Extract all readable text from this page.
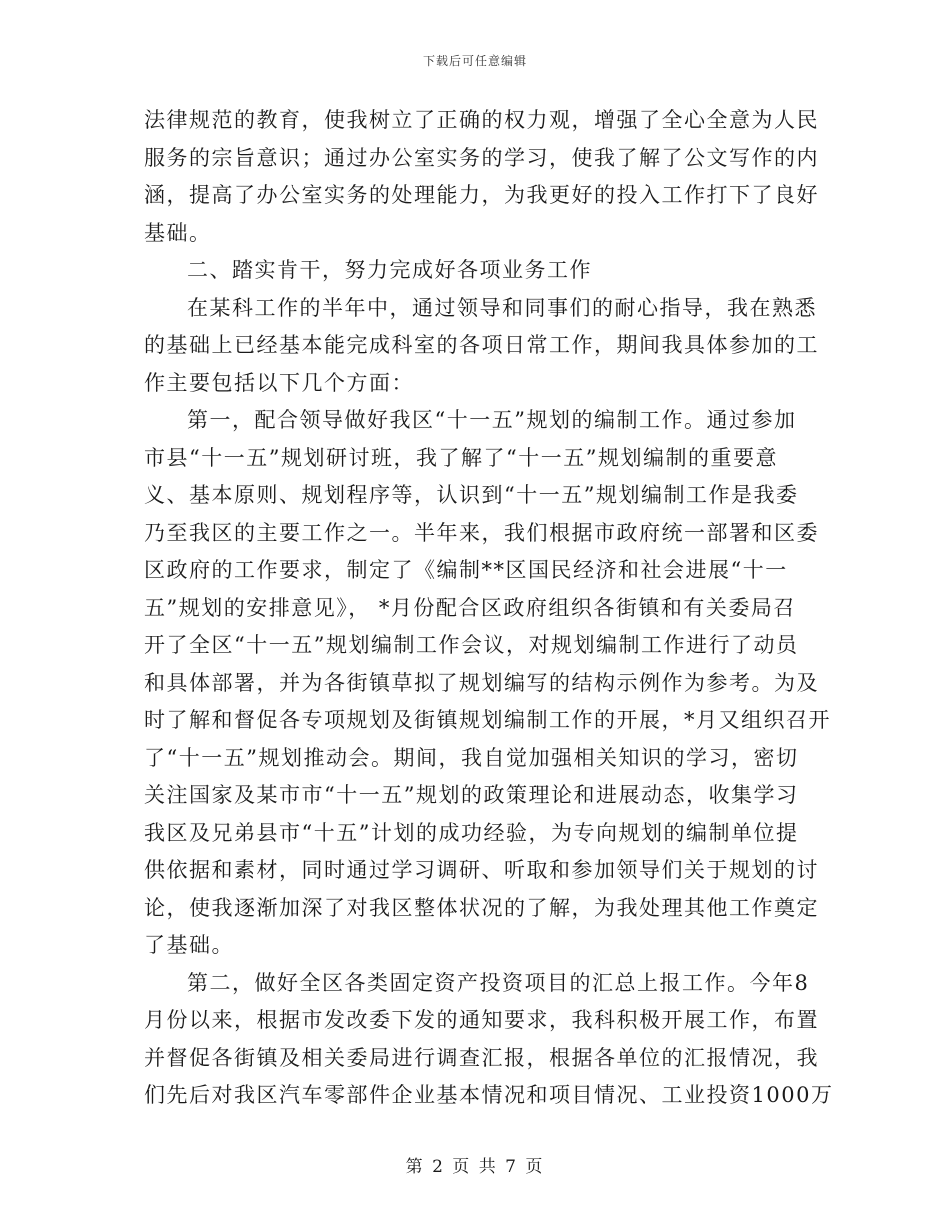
下载后可任意编辑
法律规范的教育，使我树立了正确的权力观，增强了全心全意为人民
服务的宗旨意识；通过办公室实务的学习，使我了解了公文写作的内
涵，提高了办公室实务的处理能力，为我更好的投入工作打下了良好
基础。
二、踏实肯干，努力完成好各项业务工作
在某科工作的半年中，通过领导和同事们的耐心指导，我在熟悉
的基础上已经基本能完成科室的各项日常工作，期间我具体参加的工
作主要包括以下几个方面：
第一，配合领导做好我区“十一五”规划的编制工作。通过参加
市县“十一五”规划研讨班，我了解了“十一五”规划编制的重要意
义、基本原则、规划程序等，认识到“十一五”规划编制工作是我委
乃至我区的主要工作之一。半年来，我们根据市政府统一部署和区委
区政府的工作要求，制定了《编制**区国民经济和社会进展“十一
五”规划的安排意见》， *月份配合区政府组织各街镇和有关委局召
开了全区“十一五”规划编制工作会议，对规划编制工作进行了动员
和具体部署，并为各街镇草拟了规划编写的结构示例作为参考。为及
时了解和督促各专项规划及街镇规划编制工作的开展，*月又组织召开
了“十一五”规划推动会。期间，我自觉加强相关知识的学习，密切
关注国家及某市市“十一五”规划的政策理论和进展动态，收集学习
我区及兄弟县市“十五”计划的成功经验，为专向规划的编制单位提
供依据和素材，同时通过学习调研、听取和参加领导们关于规划的讨
论，使我逐渐加深了对我区整体状况的了解，为我处理其他工作奠定
了基础。
第二，做好全区各类固定资产投资项目的汇总上报工作。今年8
月份以来，根据市发改委下发的通知要求，我科积极开展工作，布置
并督促各街镇及相关委局进行调查汇报，根据各单位的汇报情况，我
们先后对我区汽车零部件企业基本情况和项目情况、工业投资1000万
第 2 页 共 7 页
